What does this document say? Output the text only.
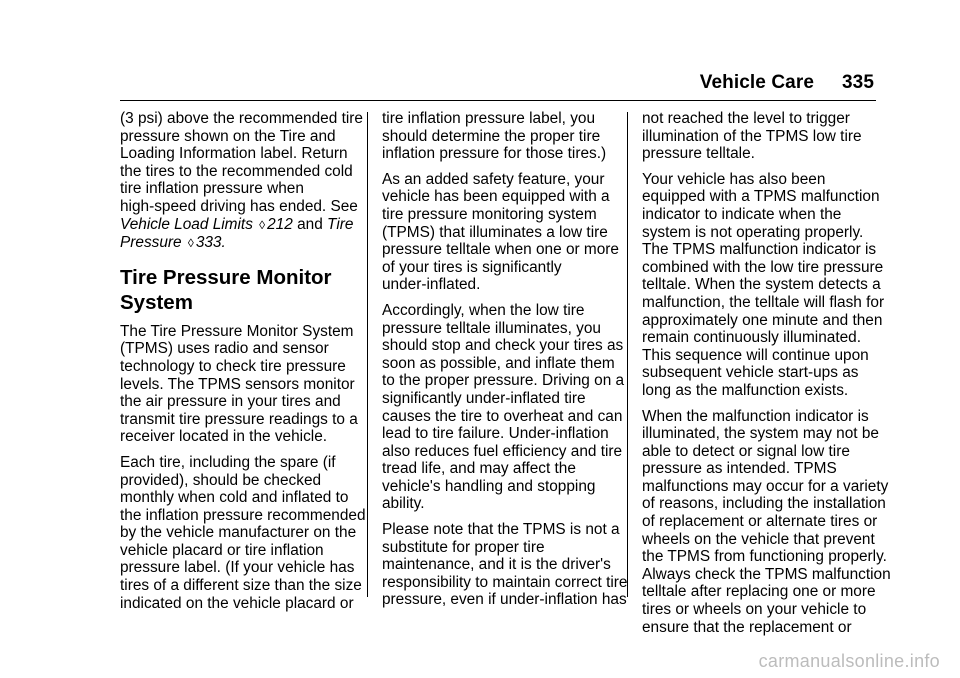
Vehicle Care 335

(3 psi) above the recommended tire
pressure shown on the Tire and
Loading Information label. Return
the tires to the recommended cold
tire inflation pressure when
high-speed driving has ended. See
Vehicle Load Limits ◊ 212 and Tire
Pressure ◊ 333.

Tire Pressure Monitor
System

The Tire Pressure Monitor System
(TPMS) uses radio and sensor
technology to check tire pressure
levels. The TPMS sensors monitor
the air pressure in your tires and
transmit tire pressure readings to a
receiver located in the vehicle.

Each tire, including the spare (if
provided), should be checked
monthly when cold and inflated to
the inflation pressure recommended
by the vehicle manufacturer on the
vehicle placard or tire inflation
pressure label. (If your vehicle has
tires of a different size than the size
indicated on the vehicle placard or

tire inflation pressure label, you
should determine the proper tire
inflation pressure for those tires.)

As an added safety feature, your
vehicle has been equipped with a
tire pressure monitoring system
(TPMS) that illuminates a low tire
pressure telltale when one or more
of your tires is significantly
under-inflated.

Accordingly, when the low tire
pressure telltale illuminates, you
should stop and check your tires as
soon as possible, and inflate them
to the proper pressure. Driving on a
significantly under-inflated tire
causes the tire to overheat and can
lead to tire failure. Under-inflation
also reduces fuel efficiency and tire
tread life, and may affect the
vehicle's handling and stopping
ability.

Please note that the TPMS is not a
substitute for proper tire
maintenance, and it is the driver's
responsibility to maintain correct tire
pressure, even if under-inflation has

not reached the level to trigger
illumination of the TPMS low tire
pressure telltale.

Your vehicle has also been
equipped with a TPMS malfunction
indicator to indicate when the
system is not operating properly.
The TPMS malfunction indicator is
combined with the low tire pressure
telltale. When the system detects a
malfunction, the telltale will flash for
approximately one minute and then
remain continuously illuminated.
This sequence will continue upon
subsequent vehicle start-ups as
long as the malfunction exists.

When the malfunction indicator is
illuminated, the system may not be
able to detect or signal low tire
pressure as intended. TPMS
malfunctions may occur for a variety
of reasons, including the installation
of replacement or alternate tires or
wheels on the vehicle that prevent
the TPMS from functioning properly.
Always check the TPMS malfunction
telltale after replacing one or more
tires or wheels on your vehicle to
ensure that the replacement or

carmanualsonline.info
